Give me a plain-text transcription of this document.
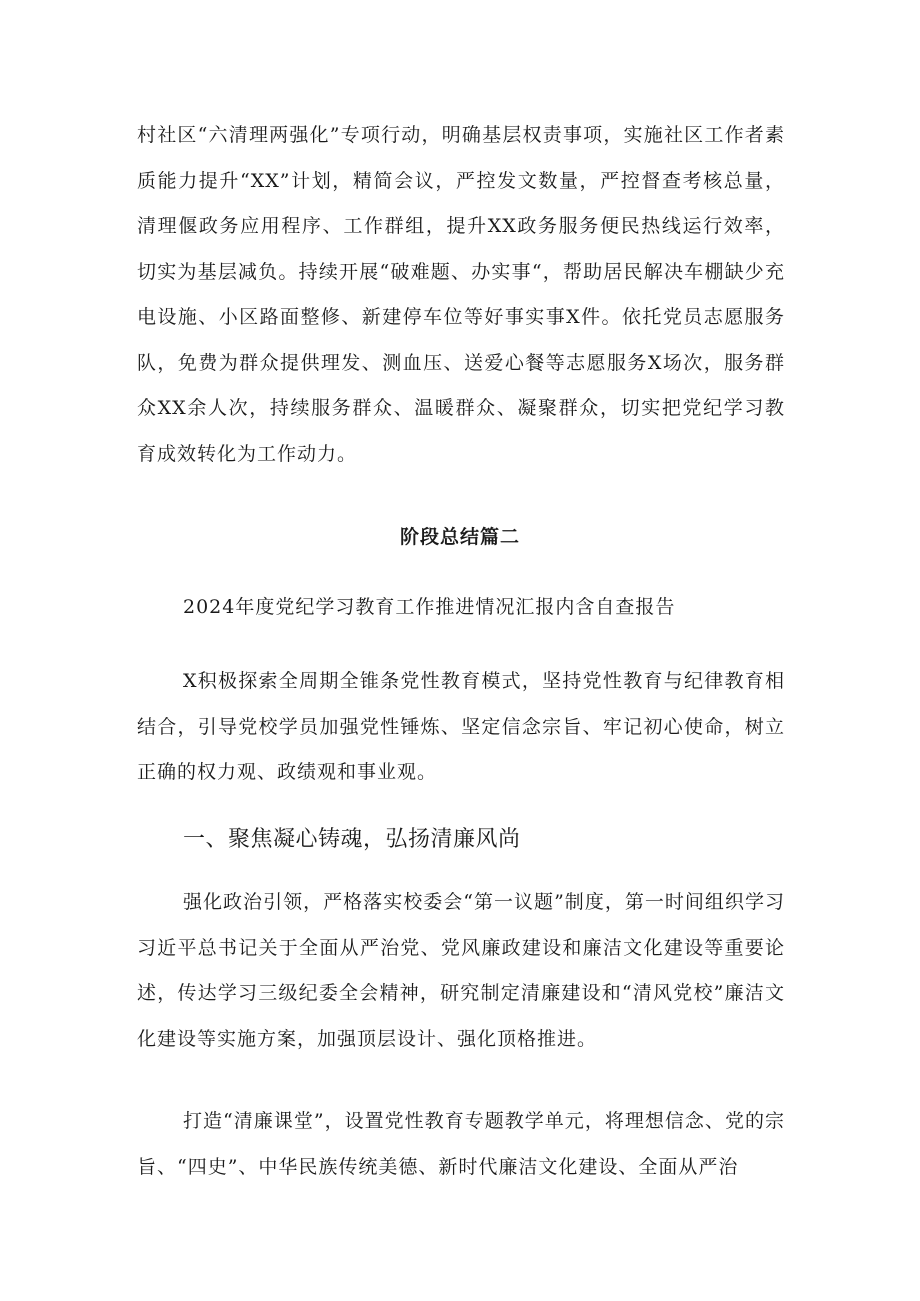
村社区“六清理两强化”专项行动，明确基层权责事项，实施社区工作者素质能力提升“XX”计划，精简会议，严控发文数量，严控督查考核总量，清理偃政务应用程序、工作群组，提升XX政务服务便民热线运行效率，切实为基层减负。持续开展“破难题、办实事“，帮助居民解决车棚缺少充电设施、小区路面整修、新建停车位等好事实事X件。依托党员志愿服务队，免费为群众提供理发、测血压、送爱心餐等志愿服务X场次，服务群众XX余人次，持续服务群众、温暖群众、凝聚群众，切实把党纪学习教育成效转化为工作动力。

阶段总结篇二

2024年度党纪学习教育工作推进情况汇报内含自查报告

X积极探索全周期全锥条党性教育模式，坚持党性教育与纪律教育相结合，引导党校学员加强党性锤炼、坚定信念宗旨、牢记初心使命，树立正确的权力观、政绩观和事业观。

一、聚焦凝心铸魂，弘扬清廉风尚

强化政治引领，严格落实校委会“第一议题”制度，第一时间组织学习习近平总书记关于全面从严治党、党风廉政建设和廉洁文化建设等重要论述，传达学习三级纪委全会精神，研究制定清廉建设和“清风党校”廉洁文化建设等实施方案，加强顶层设计、强化顶格推进。

打造“清廉课堂”，设置党性教育专题教学单元，将理想信念、党的宗旨、“四史”、中华民族传统美德、新时代廉洁文化建设、全面从严治
